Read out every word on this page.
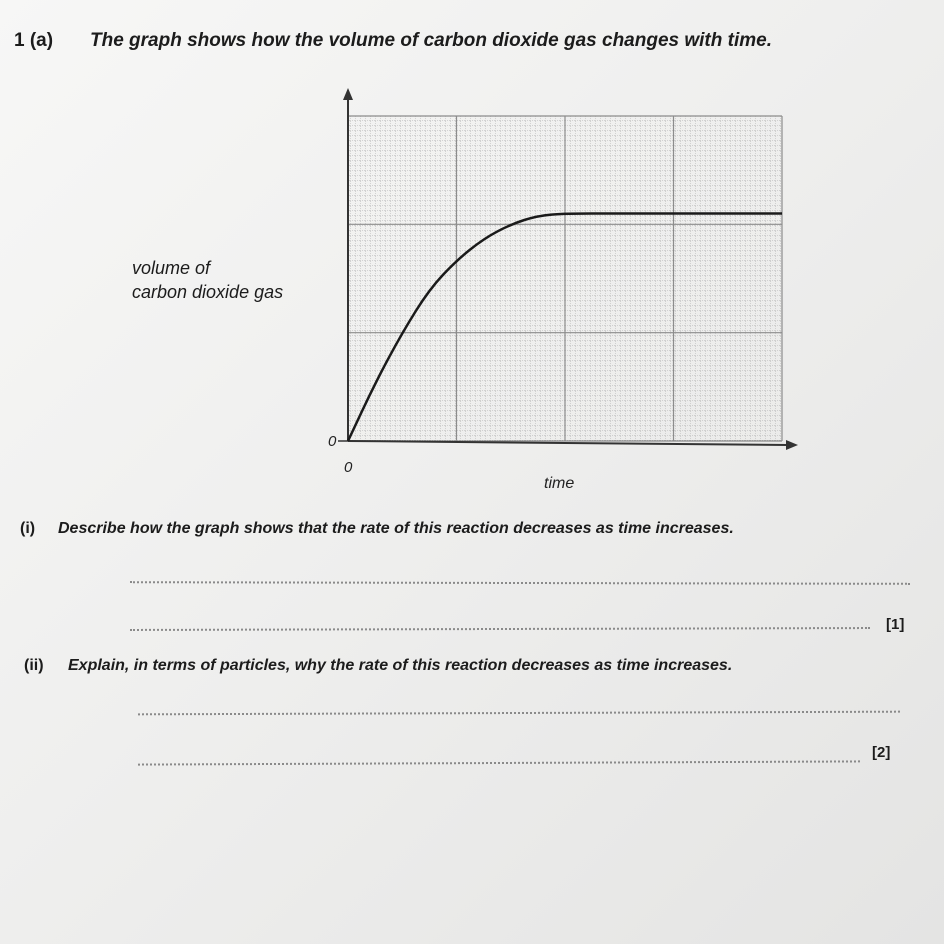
1 (a) The graph shows how the volume of carbon dioxide gas changes with time.
volume of
carbon dioxide gas
0
0
time
(i) Describe how the graph shows that the rate of this reaction decreases as time increases.
[1]
(ii) Explain, in terms of particles, why the rate of this reaction decreases as time increases.
[2]
